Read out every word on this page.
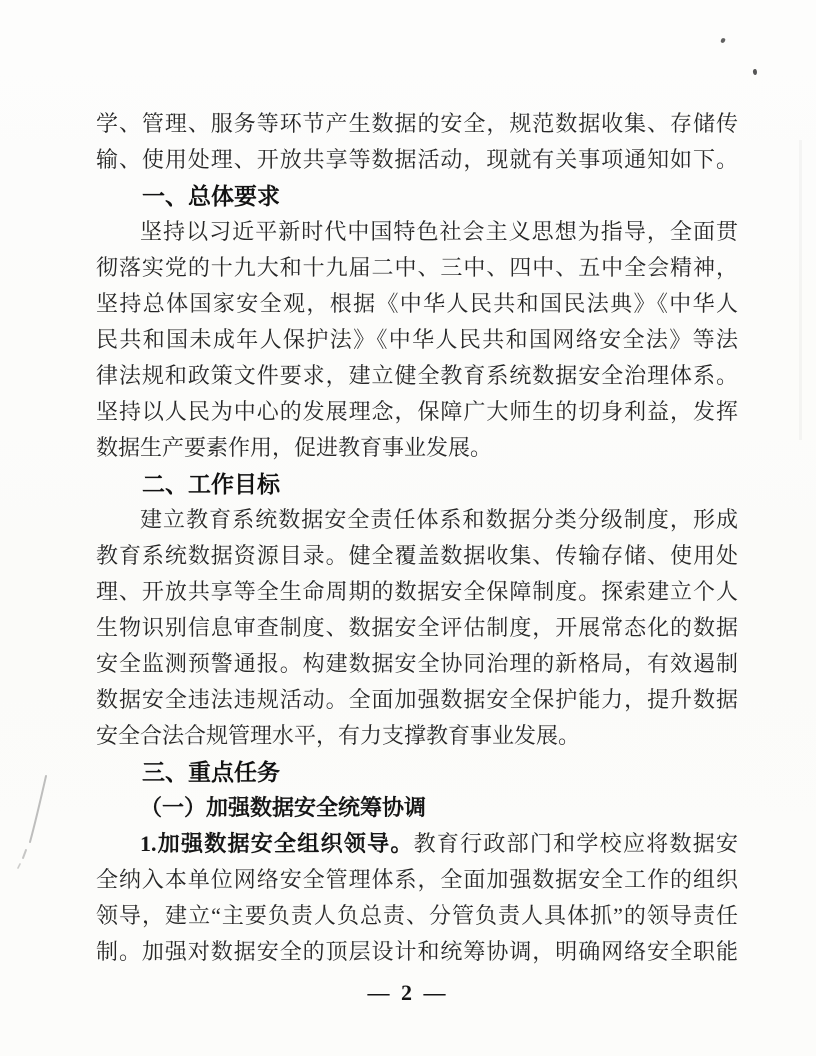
学、管理、服务等环节产生数据的安全，规范数据收集、存储传
输、使用处理、开放共享等数据活动，现就有关事项通知如下。
一、总体要求
坚持以习近平新时代中国特色社会主义思想为指导，全面贯
彻落实党的十九大和十九届二中、三中、四中、五中全会精神，
坚持总体国家安全观，根据《中华人民共和国民法典》《中华人
民共和国未成年人保护法》《中华人民共和国网络安全法》等法
律法规和政策文件要求，建立健全教育系统数据安全治理体系。
坚持以人民为中心的发展理念，保障广大师生的切身利益，发挥
数据生产要素作用，促进教育事业发展。
二、工作目标
建立教育系统数据安全责任体系和数据分类分级制度，形成
教育系统数据资源目录。健全覆盖数据收集、传输存储、使用处
理、开放共享等全生命周期的数据安全保障制度。探索建立个人
生物识别信息审查制度、数据安全评估制度，开展常态化的数据
安全监测预警通报。构建数据安全协同治理的新格局，有效遏制
数据安全违法违规活动。全面加强数据安全保护能力，提升数据
安全合法合规管理水平，有力支撑教育事业发展。
三、重点任务
（一）加强数据安全统筹协调
1.加强数据安全组织领导。教育行政部门和学校应将数据安
全纳入本单位网络安全管理体系，全面加强数据安全工作的组织
领导，建立“主要负责人负总责、分管负责人具体抓”的领导责任
制。加强对数据安全的顶层设计和统筹协调，明确网络安全职能
— 2 —
